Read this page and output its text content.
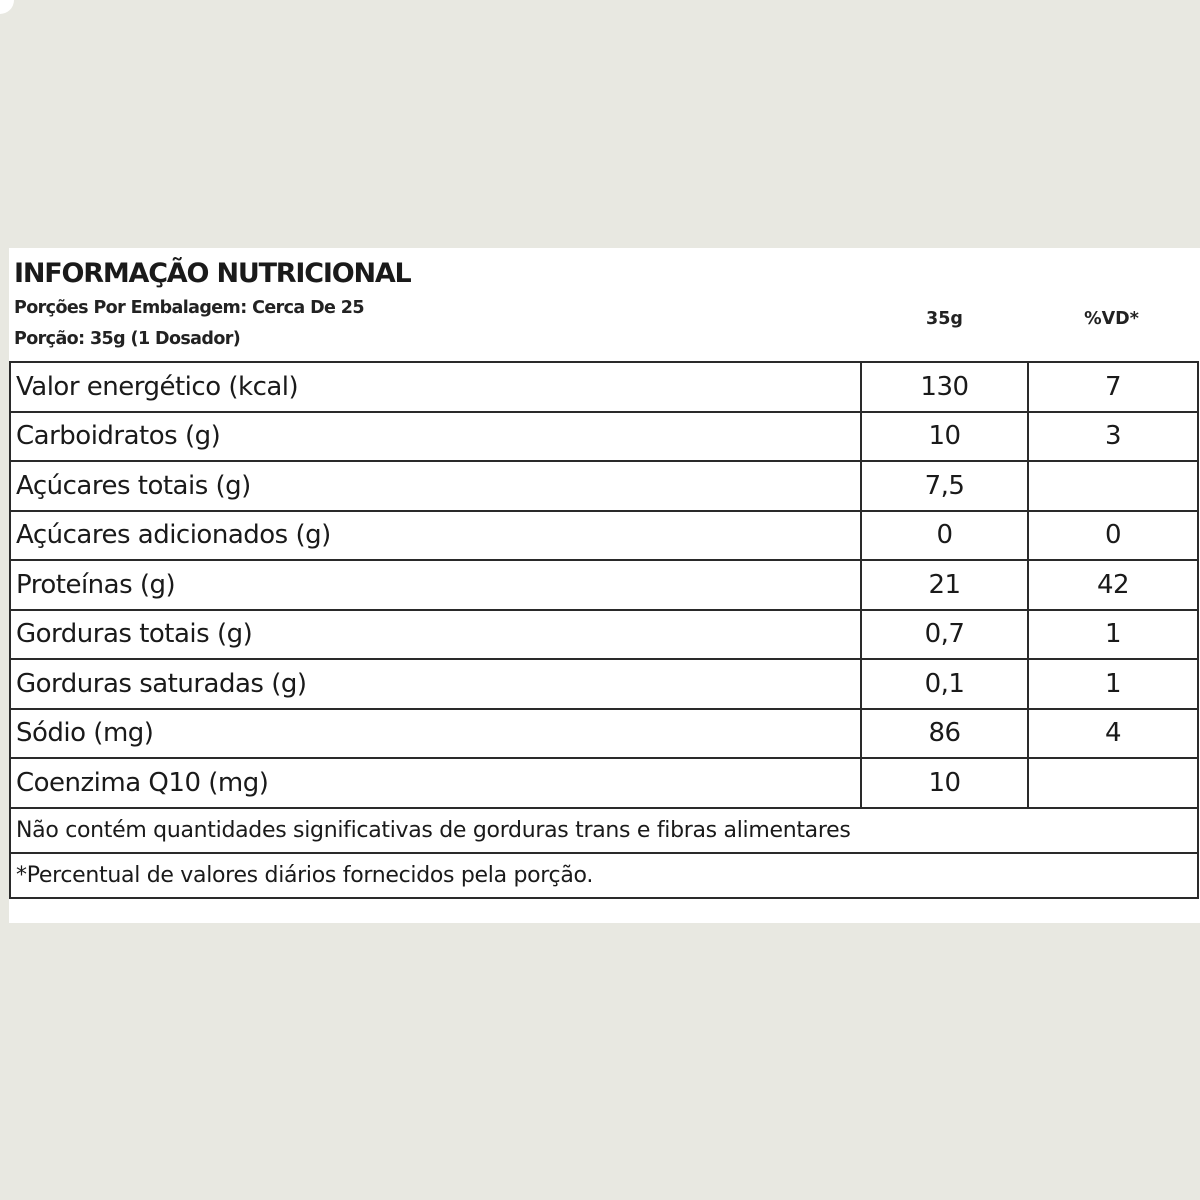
INFORMAÇÃO NUTRICIONAL
Porções Por Embalagem: Cerca De 25
Porção: 35g (1 Dosador)
35g	%VD*
Valor energético (kcal)	130	7
Carboidratos (g)	10	3
Açúcares totais (g)	7,5	
Açúcares adicionados (g)	0	0
Proteínas (g)	21	42
Gorduras totais (g)	0,7	1
Gorduras saturadas (g)	0,1	1
Sódio (mg)	86	4
Coenzima Q10 (mg)	10	
Não contém quantidades significativas de gorduras trans e fibras alimentares		
*Percentual de valores diários fornecidos pela porção.		
